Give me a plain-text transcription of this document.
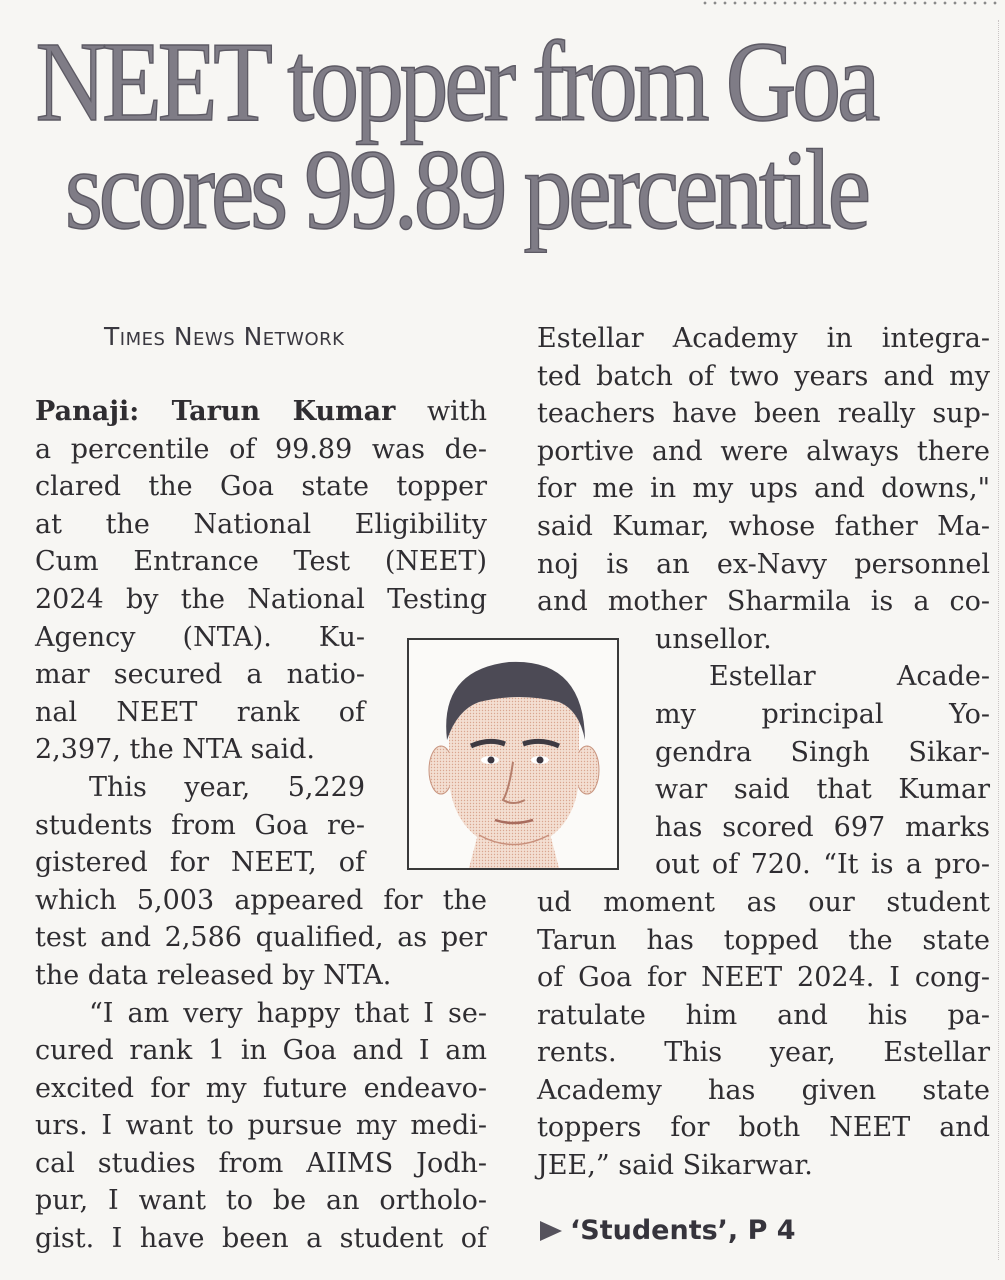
NEET topper from Goa
scores 99.89 percentile
Times News Network
Panaji: Tarun Kumar with
a percentile of 99.89 was de-
clared the Goa state topper
at the National Eligibility
Cum Entrance Test (NEET)
2024 by the National Testing
Agency (NTA). Ku-
mar secured a natio-
nal NEET rank of
2,397, the NTA said.
This year, 5,229
students from Goa re-
gistered for NEET, of
which 5,003 appeared for the
test and 2,586 qualified, as per
the data released by NTA.
“I am very happy that I se-
cured rank 1 in Goa and I am
excited for my future endeavo-
urs. I want to pursue my medi-
cal studies from AIIMS Jodh-
pur, I want to be an ortholo-
gist. I have been a student of
Estellar Academy in integra-
ted batch of two years and my
teachers have been really sup-
portive and were always there
for me in my ups and downs,"
said Kumar, whose father Ma-
noj is an ex-Navy personnel
and mother Sharmila is a co-
unsellor.
Estellar Acade-
my principal Yo-
gendra Singh Sikar-
war said that Kumar
has scored 697 marks
out of 720. “It is a pro-
ud moment as our student
Tarun has topped the state
of Goa for NEET 2024. I cong-
ratulate him and his pa-
rents. This year, Estellar
Academy has given state
toppers for both NEET and
JEE,” said Sikarwar.
‘Students’, P 4
